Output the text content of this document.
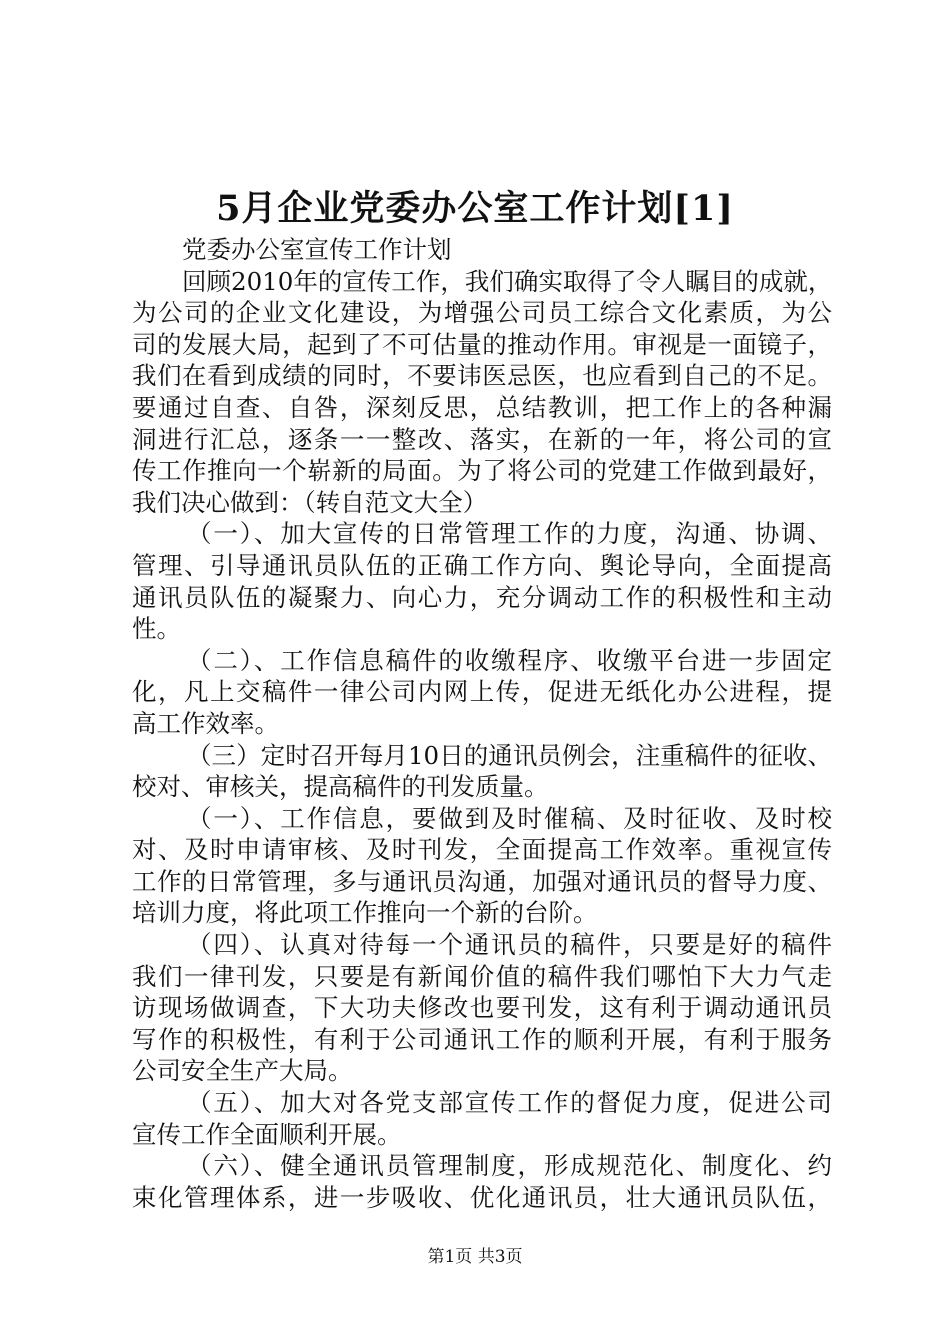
5月企业党委办公室工作计划[1]
党委办公室宣传工作计划
回顾2010年的宣传工作，我们确实取得了令人瞩目的成就，
为公司的企业文化建设，为增强公司员工综合文化素质，为公
司的发展大局，起到了不可估量的推动作用。审视是一面镜子，
我们在看到成绩的同时，不要讳医忌医，也应看到自己的不足。
要通过自查、自咎，深刻反思，总结教训，把工作上的各种漏
洞进行汇总，逐条一一整改、落实，在新的一年，将公司的宣
传工作推向一个崭新的局面。为了将公司的党建工作做到最好，
我们决心做到：（转自范文大全）
（一）、加大宣传的日常管理工作的力度，沟通、协调、
管理、引导通讯员队伍的正确工作方向、舆论导向，全面提高
通讯员队伍的凝聚力、向心力，充分调动工作的积极性和主动
性。
（二）、工作信息稿件的收缴程序、收缴平台进一步固定
化，凡上交稿件一律公司内网上传，促进无纸化办公进程，提
高工作效率。
（三）定时召开每月10日的通讯员例会，注重稿件的征收、
校对、审核关，提高稿件的刊发质量。
（一）、工作信息，要做到及时催稿、及时征收、及时校
对、及时申请审核、及时刊发，全面提高工作效率。重视宣传
工作的日常管理，多与通讯员沟通，加强对通讯员的督导力度、
培训力度，将此项工作推向一个新的台阶。
（四）、认真对待每一个通讯员的稿件，只要是好的稿件
我们一律刊发，只要是有新闻价值的稿件我们哪怕下大力气走
访现场做调查，下大功夫修改也要刊发，这有利于调动通讯员
写作的积极性，有利于公司通讯工作的顺利开展，有利于服务
公司安全生产大局。
（五）、加大对各党支部宣传工作的督促力度，促进公司
宣传工作全面顺利开展。
（六）、健全通讯员管理制度，形成规范化、制度化、约
束化管理体系，进一步吸收、优化通讯员，壮大通讯员队伍，
第1页 共3页
